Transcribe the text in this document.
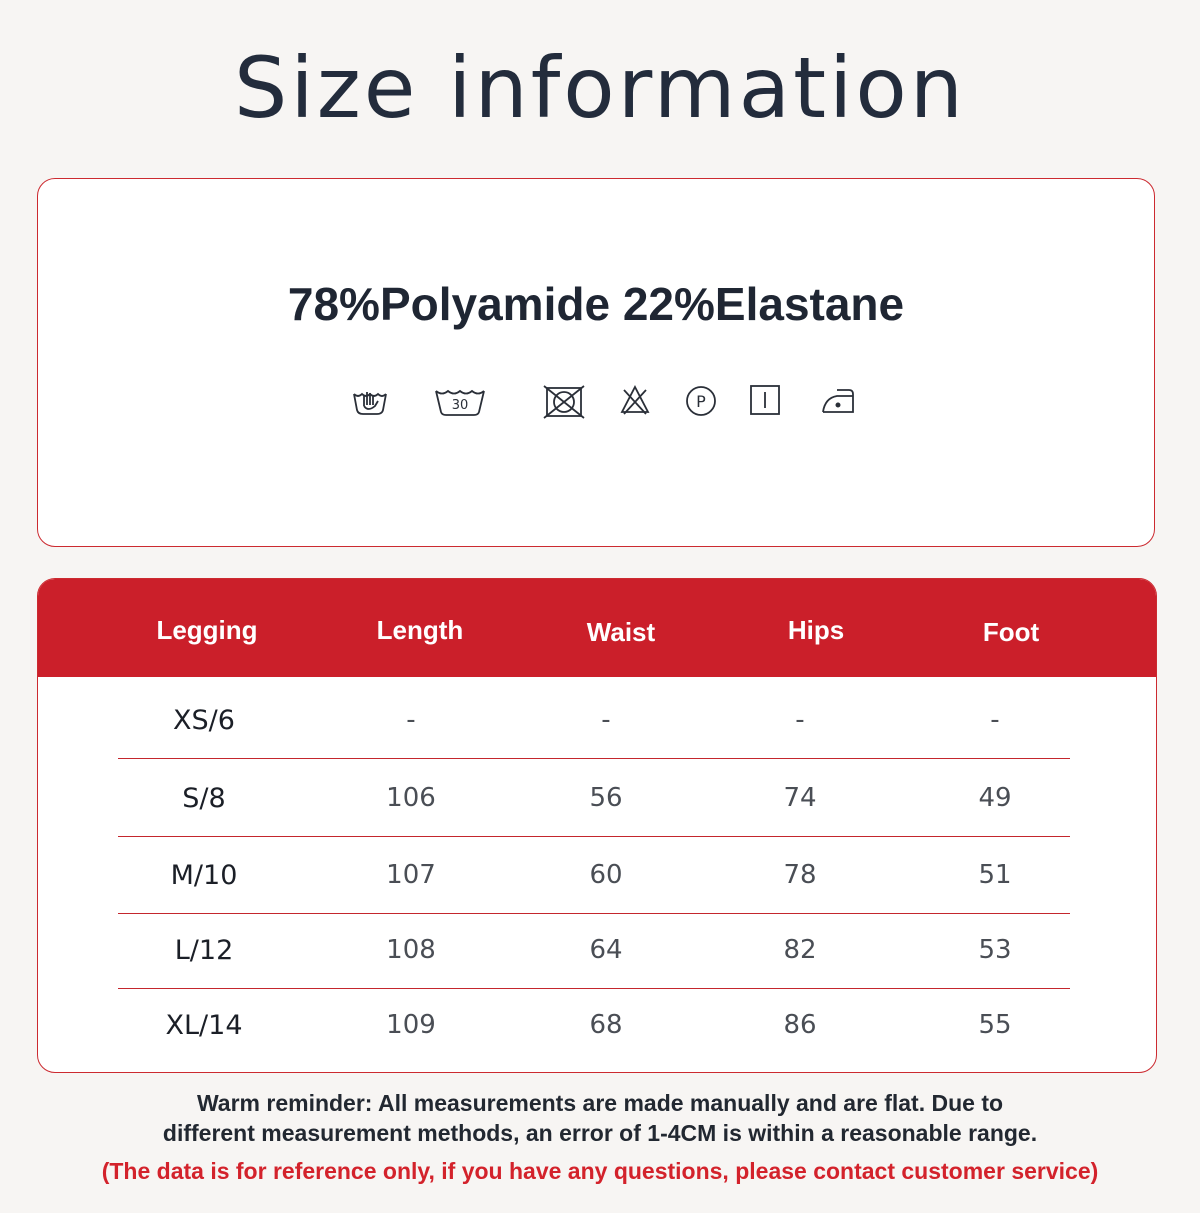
Size information
78%Polyamide 22%Elastane
30	P
Legging	Length	Waist	Hips	Foot
XS/6	-	-	-	-
S/8	106	56	74	49
M/10	107	60	78	51
L/12	108	64	82	53
XL/14	109	68	86	55
Warm reminder: All measurements are made manually and are flat. Due to
different measurement methods, an error of 1-4CM is within a reasonable range.
(The data is for reference only, if you have any questions, please contact customer service)
